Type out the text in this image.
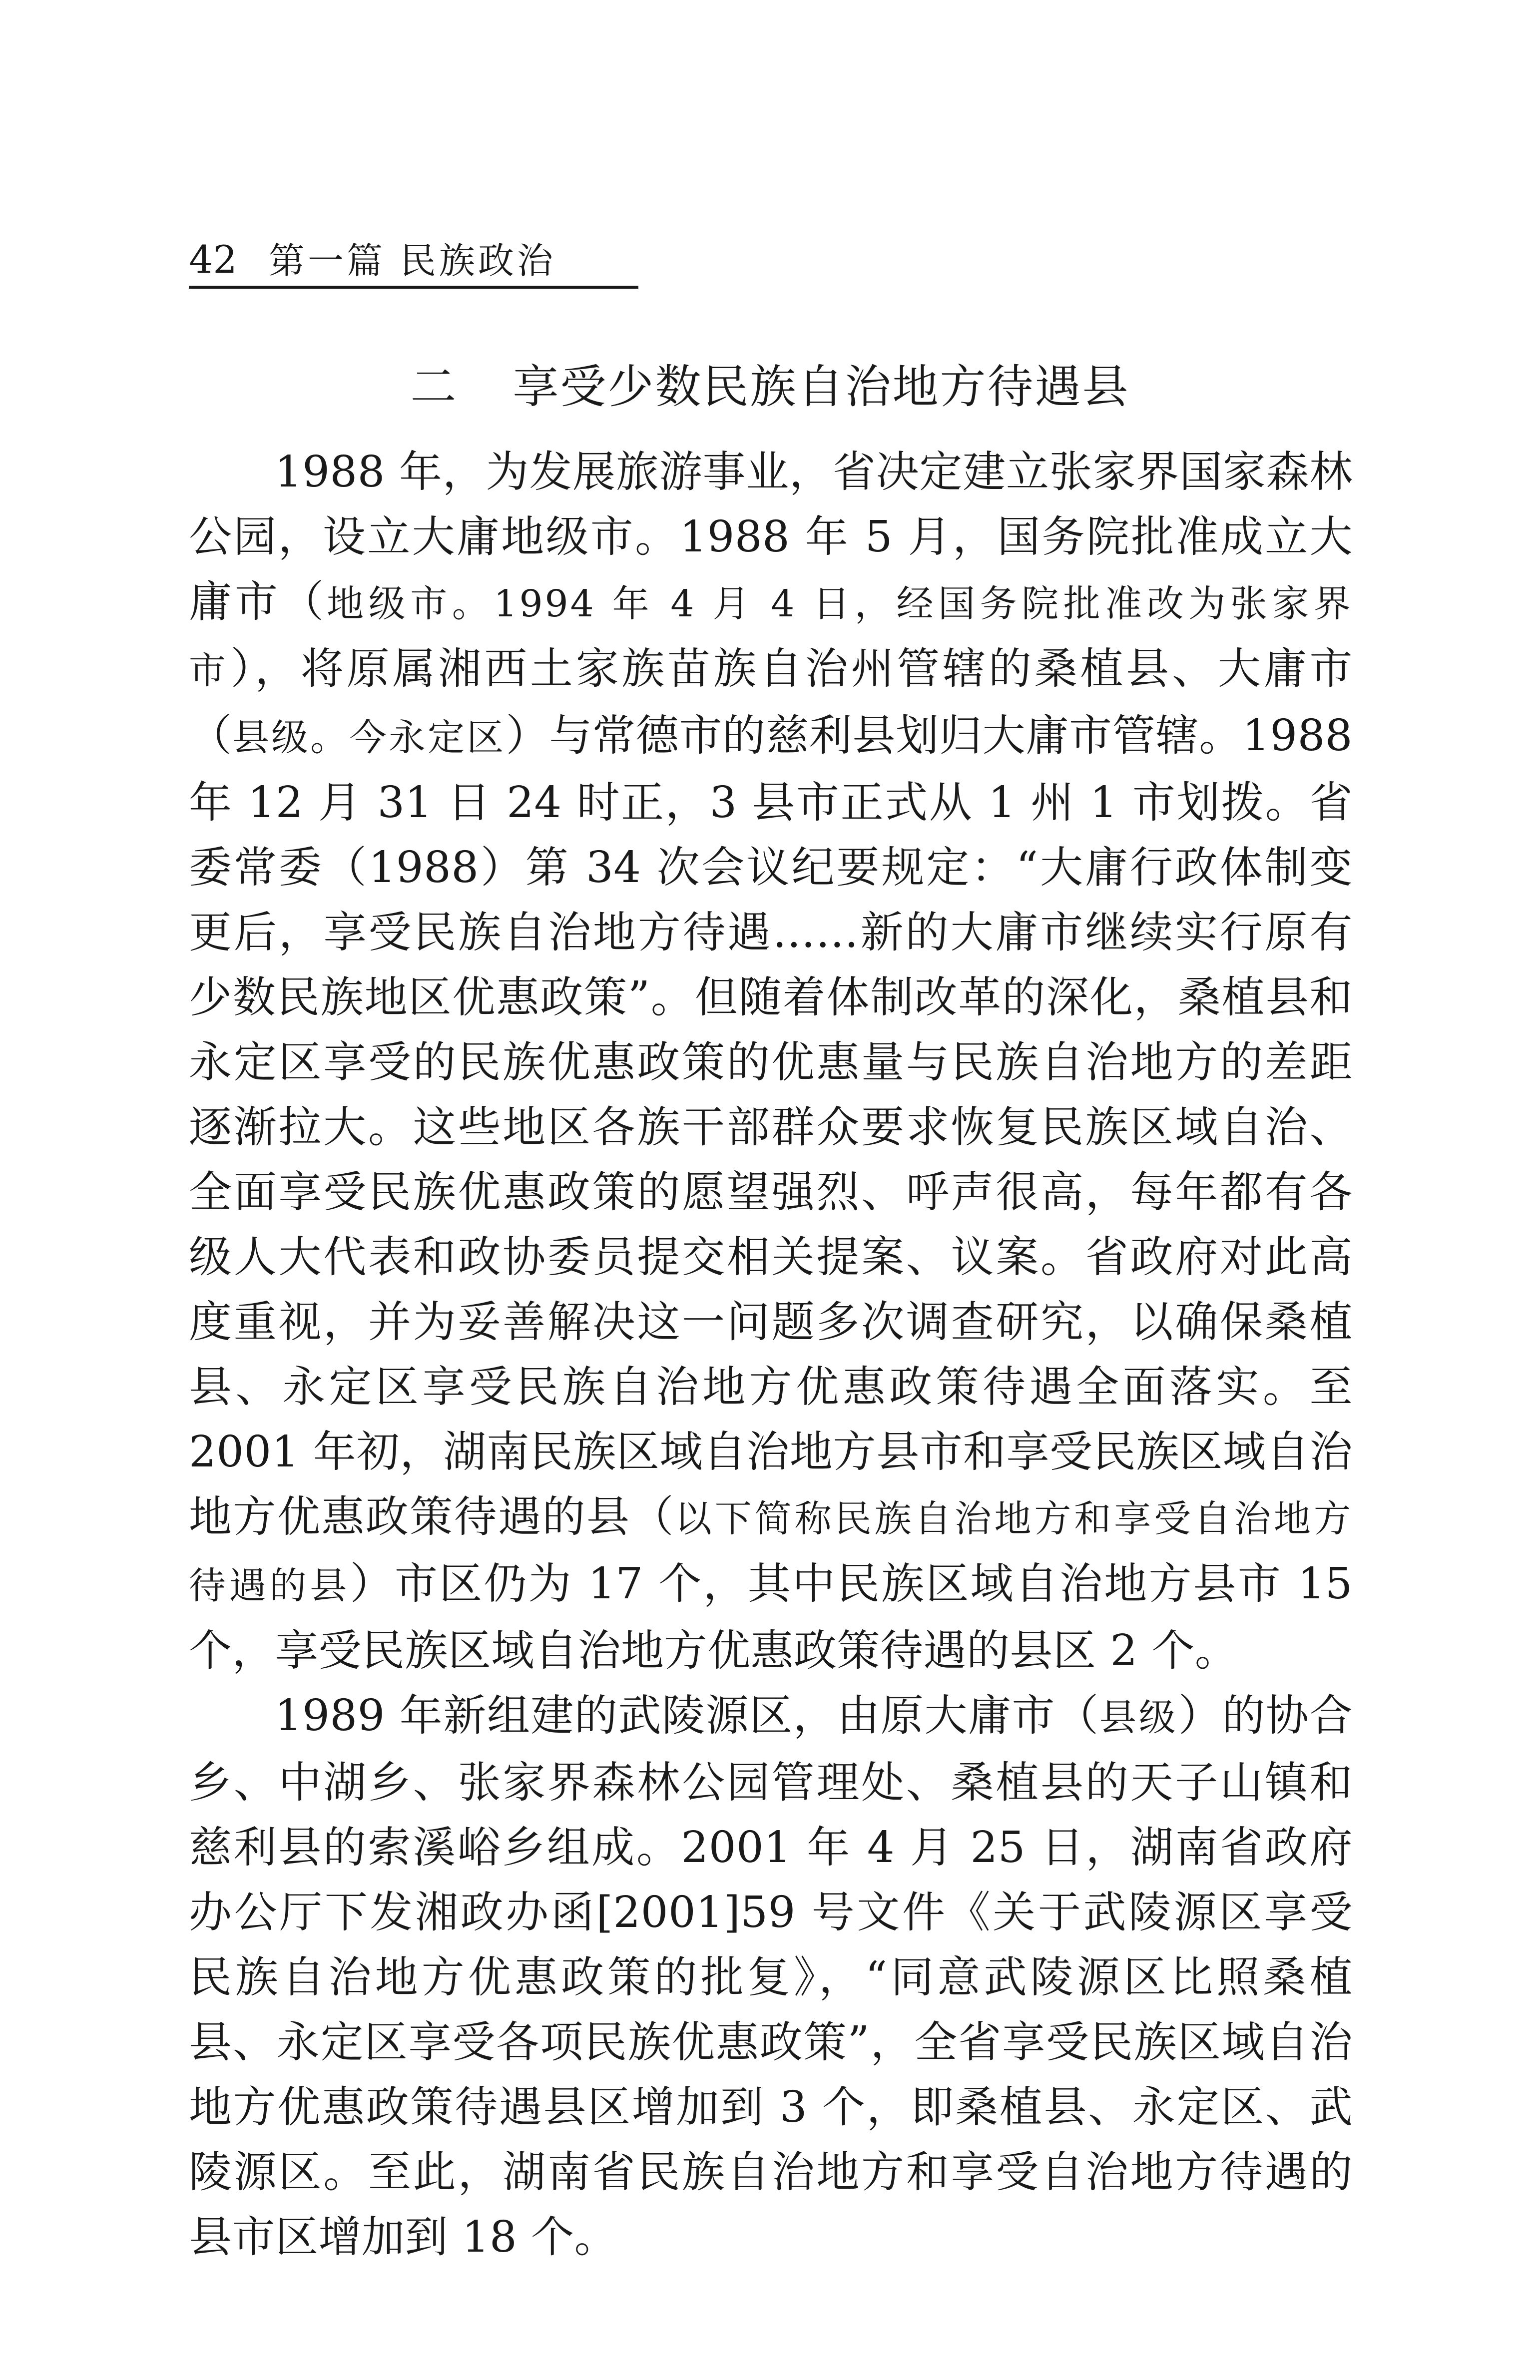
42 第一篇 民族政治
二 享受少数民族自治地方待遇县

1988 年，为发展旅游事业，省决定建立张家界国家森林公园，设立大庸地级市。1988 年 5 月，国务院批准成立大庸市（地级市。1994 年 4 月 4 日，经国务院批准改为张家界市），将原属湘西土家族苗族自治州管辖的桑植县、大庸市（县级。今永定区）与常德市的慈利县划归大庸市管辖。1988 年 12 月 31 日 24 时正，3 县市正式从 1 州 1 市划拨。省委常委（1988）第 34 次会议纪要规定：“大庸行政体制变更后，享受民族自治地方待遇……新的大庸市继续实行原有少数民族地区优惠政策”。但随着体制改革的深化，桑植县和永定区享受的民族优惠政策的优惠量与民族自治地方的差距逐渐拉大。这些地区各族干部群众要求恢复民族区域自治、全面享受民族优惠政策的愿望强烈、呼声很高，每年都有各级人大代表和政协委员提交相关提案、议案。省政府对此高度重视，并为妥善解决这一问题多次调查研究，以确保桑植县、永定区享受民族自治地方优惠政策待遇全面落实。至 2001 年初，湖南民族区域自治地方县市和享受民族区域自治地方优惠政策待遇的县（以下简称民族自治地方和享受自治地方待遇的县）市区仍为 17 个，其中民族区域自治地方县市 15 个，享受民族区域自治地方优惠政策待遇的县区 2 个。

1989 年新组建的武陵源区，由原大庸市（县级）的协合乡、中湖乡、张家界森林公园管理处、桑植县的天子山镇和慈利县的索溪峪乡组成。2001 年 4 月 25 日，湖南省政府办公厅下发湘政办函[2001]59 号文件《关于武陵源区享受民族自治地方优惠政策的批复》，“同意武陵源区比照桑植县、永定区享受各项民族优惠政策”，全省享受民族区域自治地方优惠政策待遇县区增加到 3 个，即桑植县、永定区、武陵源区。至此，湖南省民族自治地方和享受自治地方待遇的县市区增加到 18 个。
